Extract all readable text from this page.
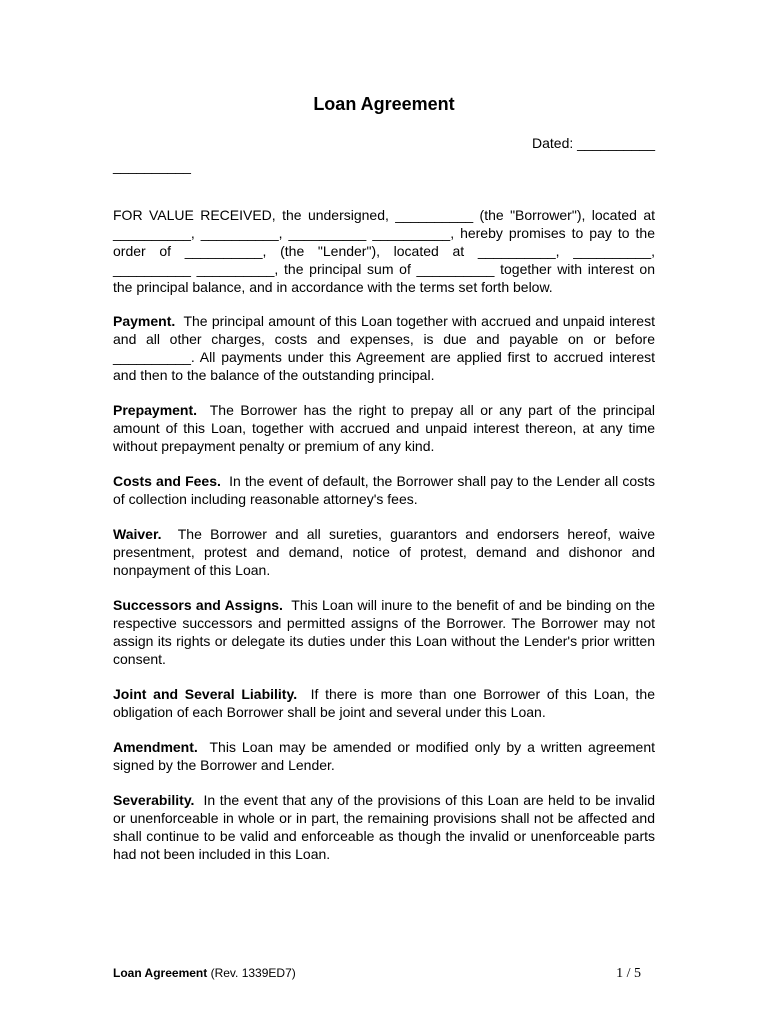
Loan Agreement
Dated: __________
__________

FOR VALUE RECEIVED, the undersigned, __________ (the "Borrower"), located at __________, __________, __________ __________, hereby promises to pay to the order of __________, (the "Lender"), located at __________, __________, __________ __________, the principal sum of __________ together with interest on the principal balance, and in accordance with the terms set forth below.

Payment. The principal amount of this Loan together with accrued and unpaid interest and all other charges, costs and expenses, is due and payable on or before __________. All payments under this Agreement are applied first to accrued interest and then to the balance of the outstanding principal.

Prepayment. The Borrower has the right to prepay all or any part of the principal amount of this Loan, together with accrued and unpaid interest thereon, at any time without prepayment penalty or premium of any kind.

Costs and Fees. In the event of default, the Borrower shall pay to the Lender all costs of collection including reasonable attorney's fees.

Waiver. The Borrower and all sureties, guarantors and endorsers hereof, waive presentment, protest and demand, notice of protest, demand and dishonor and nonpayment of this Loan.

Successors and Assigns. This Loan will inure to the benefit of and be binding on the respective successors and permitted assigns of the Borrower. The Borrower may not assign its rights or delegate its duties under this Loan without the Lender's prior written consent.

Joint and Several Liability. If there is more than one Borrower of this Loan, the obligation of each Borrower shall be joint and several under this Loan.

Amendment. This Loan may be amended or modified only by a written agreement signed by the Borrower and Lender.

Severability. In the event that any of the provisions of this Loan are held to be invalid or unenforceable in whole or in part, the remaining provisions shall not be affected and shall continue to be valid and enforceable as though the invalid or unenforceable parts had not been included in this Loan.

Loan Agreement (Rev. 1339ED7)	1 / 5
